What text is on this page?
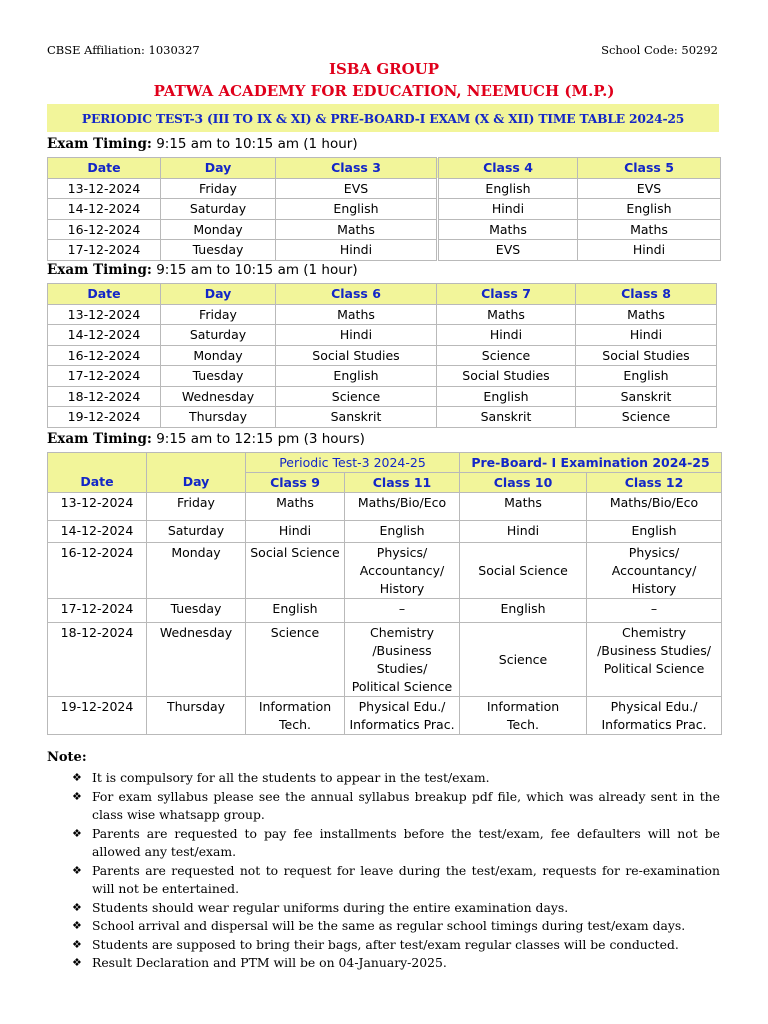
CBSE Affiliation: 1030327	School Code: 50292
ISBA GROUP
PATWA ACADEMY FOR EDUCATION, NEEMUCH (M.P.)
PERIODIC TEST-3 (III TO IX & XI) & PRE-BOARD-I EXAM (X & XII) TIME TABLE 2024-25
Exam Timing: 9:15 am to 10:15 am (1 hour)
Date	Day	Class 3	Class 4	Class 5
13-12-2024	Friday	EVS	English	EVS
14-12-2024	Saturday	English	Hindi	English
16-12-2024	Monday	Maths	Maths	Maths
17-12-2024	Tuesday	Hindi	EVS	Hindi
Exam Timing: 9:15 am to 10:15 am (1 hour)
Date	Day	Class 6	Class 7	Class 8
13-12-2024	Friday	Maths	Maths	Maths
14-12-2024	Saturday	Hindi	Hindi	Hindi
16-12-2024	Monday	Social Studies	Science	Social Studies
17-12-2024	Tuesday	English	Social Studies	English
18-12-2024	Wednesday	Science	English	Sanskrit
19-12-2024	Thursday	Sanskrit	Sanskrit	Science
Exam Timing: 9:15 am to 12:15 pm (3 hours)
Date	Day	Periodic Test-3 2024-25		Pre-Board- I Examination 2024-25	
		Class 9	Class 11	Class 10	Class 12
13-12-2024	Friday	Maths	Maths/Bio/Eco	Maths	Maths/Bio/Eco
14-12-2024	Saturday	Hindi	English	Hindi	English
16-12-2024	Monday	Social Science	Physics/
Accountancy/
History	Social Science	Physics/
Accountancy/
History
17-12-2024	Tuesday	English	–	English	–
18-12-2024	Wednesday	Science	Chemistry
/Business
Studies/
Political Science	Science	Chemistry
/Business Studies/
Political Science
19-12-2024	Thursday	Information
Tech.	Physical Edu./
Informatics Prac.	Information
Tech.	Physical Edu./
Informatics Prac.
Note:
❖ It is compulsory for all the students to appear in the test/exam.
❖ For exam syllabus please see the annual syllabus breakup pdf file, which was already sent in the class wise whatsapp group.
❖ Parents are requested to pay fee installments before the test/exam, fee defaulters will not be allowed any test/exam.
❖ Parents are requested not to request for leave during the test/exam, requests for re-examination will not be entertained.
❖ Students should wear regular uniforms during the entire examination days.
❖ School arrival and dispersal will be the same as regular school timings during test/exam days.
❖ Students are supposed to bring their bags, after test/exam regular classes will be conducted.
❖ Result Declaration and PTM will be on 04-January-2025.
